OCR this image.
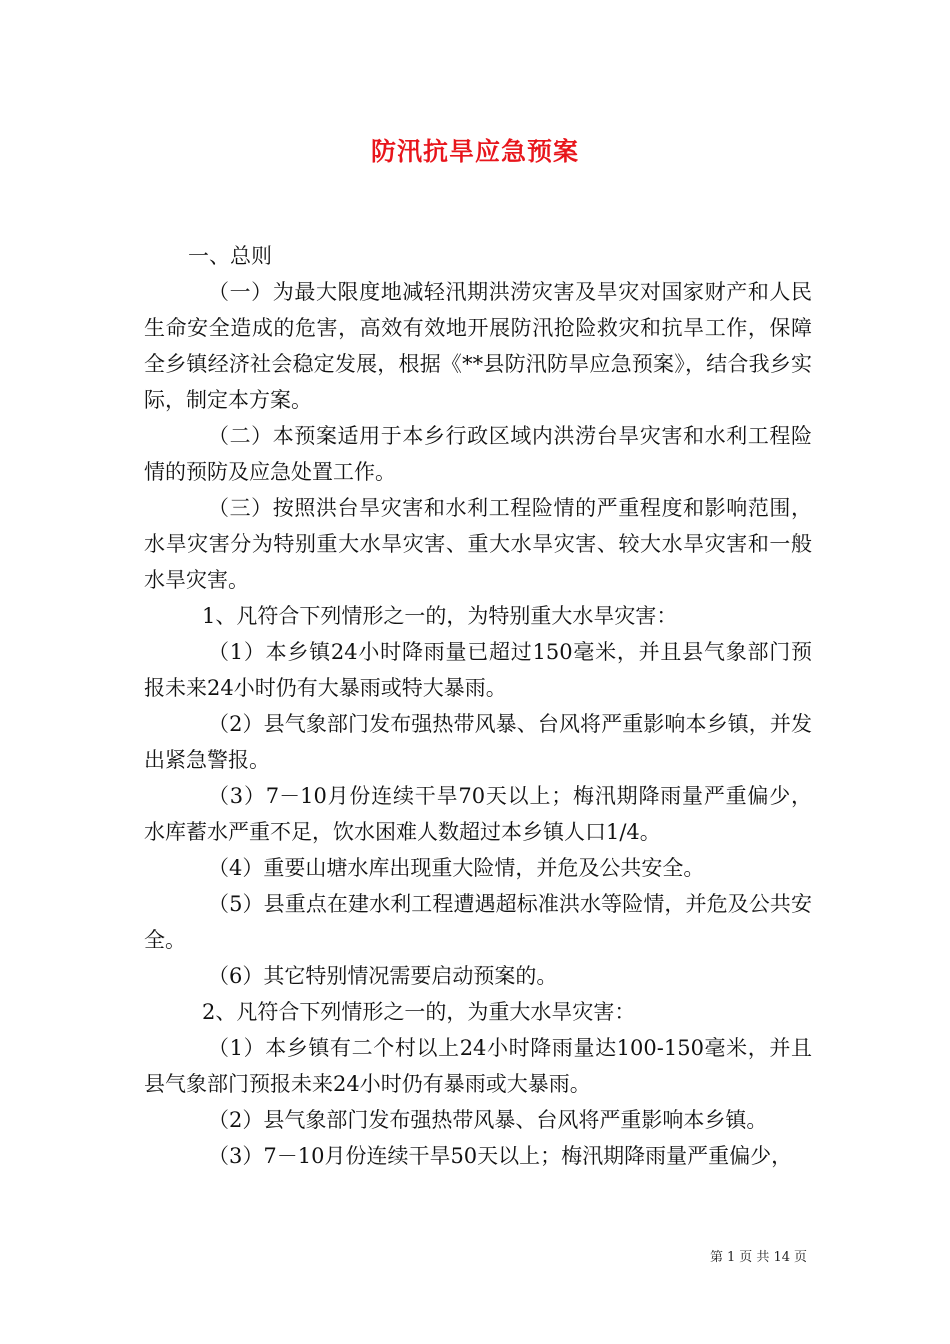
防汛抗旱应急预案

一、总则

（一）为最大限度地减轻汛期洪涝灾害及旱灾对国家财产和人民生命安全造成的危害，高效有效地开展防汛抢险救灾和抗旱工作，保障全乡镇经济社会稳定发展，根据《**县防汛防旱应急预案》，结合我乡实际，制定本方案。

（二）本预案适用于本乡行政区域内洪涝台旱灾害和水利工程险情的预防及应急处置工作。

（三）按照洪台旱灾害和水利工程险情的严重程度和影响范围，水旱灾害分为特别重大水旱灾害、重大水旱灾害、较大水旱灾害和一般水旱灾害。

1、凡符合下列情形之一的，为特别重大水旱灾害：

（1）本乡镇24小时降雨量已超过150毫米，并且县气象部门预报未来24小时仍有大暴雨或特大暴雨。

（2）县气象部门发布强热带风暴、台风将严重影响本乡镇，并发出紧急警报。

（3）7－10月份连续干旱70天以上；梅汛期降雨量严重偏少，水库蓄水严重不足，饮水困难人数超过本乡镇人口1/4。

（4）重要山塘水库出现重大险情，并危及公共安全。

（5）县重点在建水利工程遭遇超标准洪水等险情，并危及公共安全。

（6）其它特别情况需要启动预案的。

2、凡符合下列情形之一的，为重大水旱灾害：

（1）本乡镇有二个村以上24小时降雨量达100-150毫米，并且县气象部门预报未来24小时仍有暴雨或大暴雨。

（2）县气象部门发布强热带风暴、台风将严重影响本乡镇。

（3）7－10月份连续干旱50天以上；梅汛期降雨量严重偏少，

第 1 页 共 14 页
